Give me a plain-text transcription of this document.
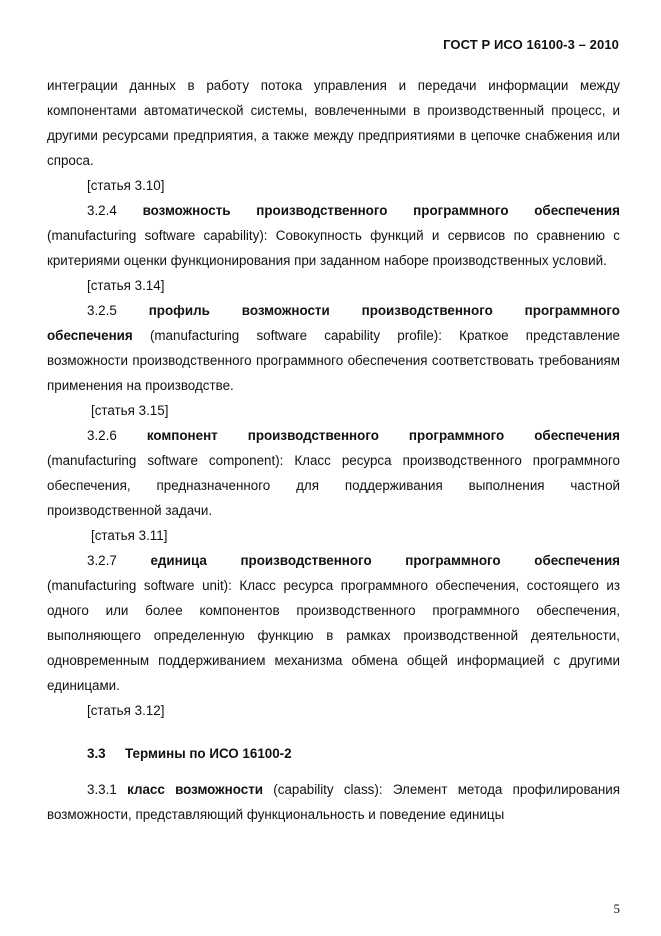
ГОСТ Р ИСО 16100-3 – 2010

интеграции данных в работу потока управления и передачи информации между компонентами автоматической системы, вовлеченными в производственный процесс, и другими ресурсами предприятия, а также между предприятиями в цепочке снабжения или спроса.

[статья 3.10]

3.2.4 возможность производственного программного обеспечения

(manufacturing software capability): Совокупность функций и сервисов по сравнению с критериями оценки функционирования при заданном наборе производственных условий.

[статья 3.14]

3.2.5 профиль возможности производственного программного

обеспечения (manufacturing software capability profile): Краткое представление возможности производственного программного обеспечения соответствовать требованиям применения на производстве.

[статья 3.15]

3.2.6 компонент производственного программного обеспечения

(manufacturing software component): Класс ресурса производственного программного обеспечения, предназначенного для поддерживания выполнения частной производственной задачи.

[статья 3.11]

3.2.7	единица производственного программного обеспечения

(manufacturing software unit): Класс ресурса программного обеспечения, состоящего из одного или более компонентов производственного программного обеспечения, выполняющего определенную функцию в рамках производственной деятельности, одновременным поддерживанием механизма обмена общей информацией с другими единицами.

[статья 3.12]

3.3 Термины по ИСО 16100-2

3.3.1 класс возможности (capability class): Элемент метода профилирования возможности, представляющий функциональность и поведение единицы

5
